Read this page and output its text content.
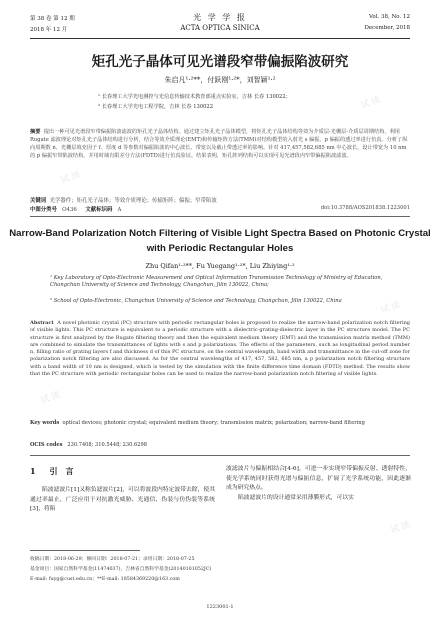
试读
试读
试读
试读
试读
第 38 卷 第 12 期
2018 年 12 月
光 学 学 报
ACTA OPTICA SINICA
Vol. 38, No. 12
December, 2018
矩孔光子晶体可见光谱段窄带偏振陷波研究
朱启凡¹·²**，付跃刚¹·²*，刘智颖¹·²
¹ 长春理工大学光电测控与光信息传输技术教育部重点实验室，吉林 长春 130022；
² 长春理工大学光电工程学院，吉林 长春 130022
摘要 提出一种可见光谱段窄带偏振陷波滤波的矩孔光子晶体结构。通过建立矩孔光子晶体模型，将矩孔光子晶体结构等效为介质层-光栅层-介质层周期结构，利用 Rugate 滤波理论对矩孔光子晶体结构进行分析，结合等效介质理论(EMT)和传输矩阵方法(TMM)对结构模型的入射光 s 偏振、p 偏振的透过率进行仿真。分析了纵向周期数 n、光栅层填充因子 f、厚度 d 等参数对偏振陷波的中心波长、带宽以及截止带透过率的影响。针对 417,457,582,685 nm 中心波长，设计带宽为 10 nm 的 p 偏振窄带陷波结构，并用时域有限差分方法(FDTD)进行仿真验证。结果表明，矩孔阵列结构可以实现可见光谱段内窄带偏振陷波滤波。
关键词 光学器件；矩孔光子晶体；等效介质理论；传输矩阵；偏振；窄带陷波
中图分类号 O436 文献标识码 A	doi:10.3788/AOS201838.1223001
Narrow-Band Polarization Notch Filtering of Visible Light Spectra Based on Photonic Crystal with Periodic Rectangular Holes
Zhu Qifan¹·²**, Fu Yuegang¹·²*, Liu Zhiying¹·²
¹ Key Laboratory of Opto-Electronic Measurement and Optical Information Transmission Technology of Ministry of Education, Changchun University of Science and Technology, Changchun, Jilin 130022, China;
² School of Opto-Electronic, Changchun University of Science and Technology, Changchun, Jilin 130022, China
Abstract A novel photonic crystal (PC) structure with periodic rectangular holes is proposed to realize the narrow-band polarization notch filtering of visible lights. This PC structure is equivalent to a periodic structure with a dielectric-grating-dielectric layer in the PC structure model. The PC structure is first analyzed by the Rugate filtering theory and then the equivalent medium theory (EMT) and the transmission matrix method (TMM) are combined to simulate the transmittances of lights with s and p polarizations. The effects of the parameters, such as longitudinal period number n, filling ratio of grating layers f and thickness d of this PC structure, on the central wavelength, band width and transmittance in the cut-off zone for polarization notch filtering are also discussed. As for the central wavelengths of 417, 457, 582, 685 nm, a p polarization notch filtering structure with a band width of 10 nm is designed, which is tested by the simulation with the finite difference time domain (FDTD) method. The results show that the PC structure with periodic rectangular holes can be used to realize the narrow-band polarization notch filtering of visible lights.
Key words optical devices; photonic crystal; equivalent medium theory; transmission matrix; polarization; narrow-band filtering
OCIS codes 230.7408; 310.5448; 230.6298
1 引　言

陷波滤波片[1]又称负滤波片[2]，可以将波段内特定波带去除，使其通过率最止，广泛应用于对抗激光威胁、光通信、伪装与仿伪装等系统[3]，将陷

波滤波片与偏振相结合[4-6]，可进一步实现窄带偏振反射、透射特性，使光学系统同时获得光谱与偏振信息，扩展了光学系统功能，因此逐渐成为研究热点。

陷波滤波片的设计通常采用薄膜形式，可以实

收稿日期：2018-06-29；修回日期：2018-07-21；录用日期：2018-07-25
基金项目：国家自然科学基金(11474037)，吉林省自然科学基金(20140101052JC)
E-mail: fuyg@cust.edu.cn；**E-mail: 18584369220@163.com
1223001-1
